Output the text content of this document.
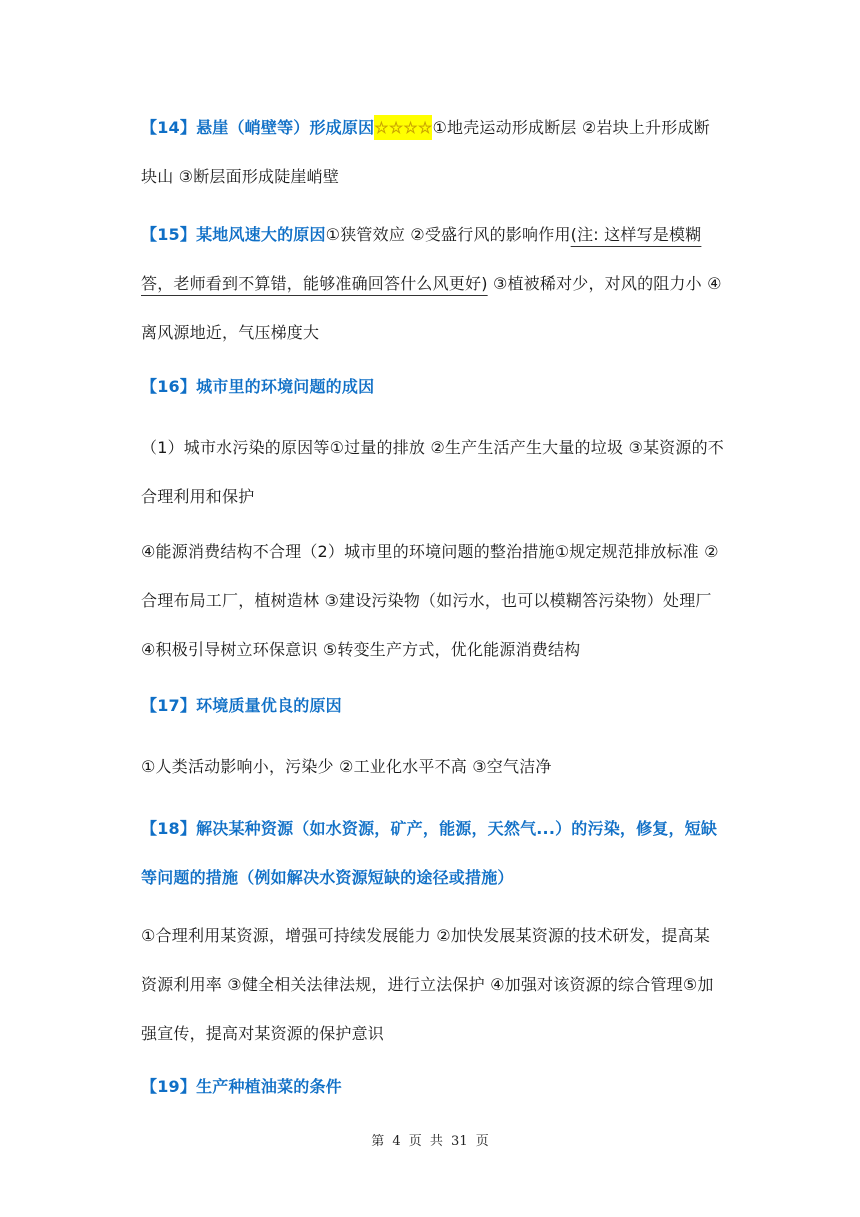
【14】悬崖（峭壁等）形成原因☆☆☆☆①地壳运动形成断层 ②岩块上升形成断块山 ③断层面形成陡崖峭壁

【15】某地风速大的原因①狭管效应 ②受盛行风的影响作用(注: 这样写是模糊答，老师看到不算错，能够准确回答什么风更好) ③植被稀对少，对风的阻力小 ④离风源地近，气压梯度大

【16】城市里的环境问题的成因

（1）城市水污染的原因等①过量的排放 ②生产生活产生大量的垃圾 ③某资源的不合理利用和保护

④能源消费结构不合理（2）城市里的环境问题的整治措施①规定规范排放标准 ②合理布局工厂，植树造林 ③建设污染物（如污水，也可以模糊答污染物）处理厂 ④积极引导树立环保意识 ⑤转变生产方式，优化能源消费结构

【17】环境质量优良的原因

①人类活动影响小，污染少 ②工业化水平不高 ③空气洁净

【18】解决某种资源（如水资源，矿产，能源，天然气...）的污染，修复，短缺等问题的措施（例如解决水资源短缺的途径或措施）

①合理利用某资源，增强可持续发展能力 ②加快发展某资源的技术研发，提高某资源利用率 ③健全相关法律法规，进行立法保护 ④加强对该资源的综合管理⑤加强宣传，提高对某资源的保护意识

【19】生产种植油菜的条件

第 4 页 共 31 页
